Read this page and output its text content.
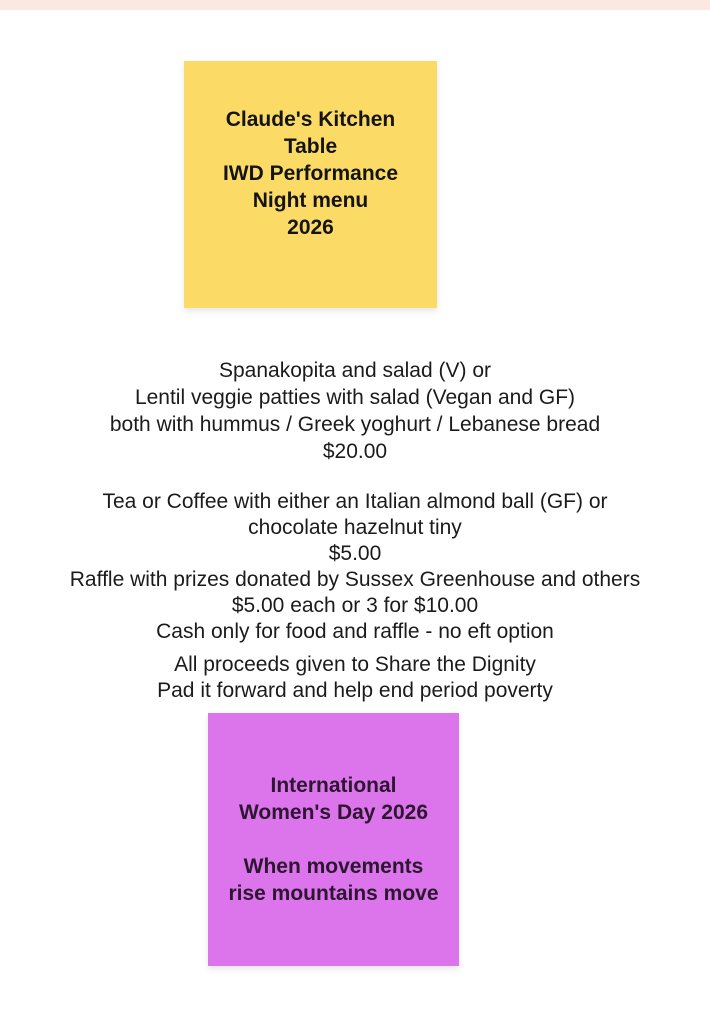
Claude's Kitchen
Table
IWD Performance
Night menu
2026
Spanakopita and salad (V) or
Lentil veggie patties with salad (Vegan and GF)
both with hummus / Greek yoghurt / Lebanese bread
$20.00
Tea or Coffee with either an Italian almond ball (GF) or
chocolate hazelnut tiny
$5.00
Raffle with prizes donated by Sussex Greenhouse and others
$5.00 each or 3 for $10.00
Cash only for food and raffle - no eft option
All proceeds given to Share the Dignity
Pad it forward and help end period poverty
International
Women's Day 2026
When movements
rise mountains move
